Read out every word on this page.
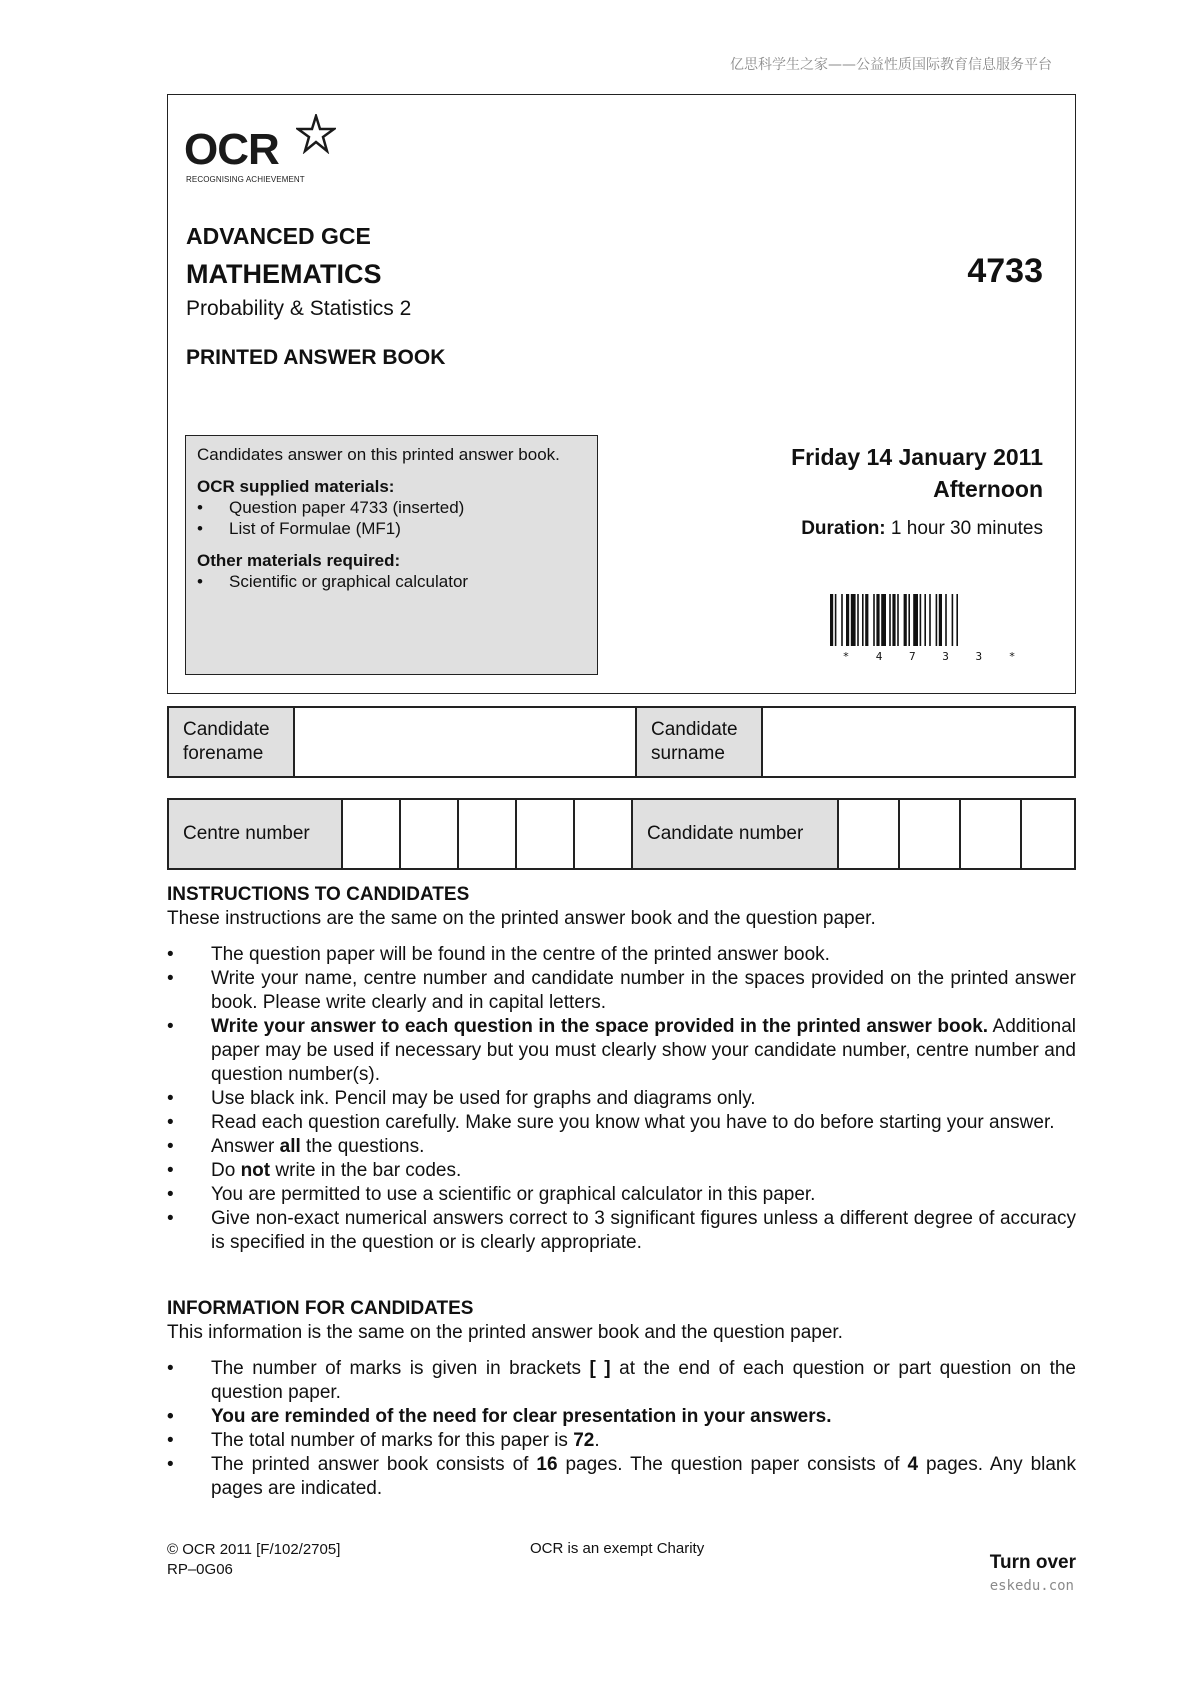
亿思科学生之家——公益性质国际教育信息服务平台
OCR
RECOGNISING ACHIEVEMENT
ADVANCED GCE
MATHEMATICS	4733
Probability & Statistics 2
PRINTED ANSWER BOOK
Candidates answer on this printed answer book.
OCR supplied materials:
• Question paper 4733 (inserted)
• List of Formulae (MF1)
Other materials required:
• Scientific or graphical calculator
Friday 14 January 2011
Afternoon
Duration: 1 hour 30 minutes
* 4 7 3 3 *
Candidate
forename
Candidate
surname
Centre number	Candidate number
INSTRUCTIONS TO CANDIDATES
These instructions are the same on the printed answer book and the question paper.
• The question paper will be found in the centre of the printed answer book.
• Write your name, centre number and candidate number in the spaces provided on the printed answer book. Please write clearly and in capital letters.
• Write your answer to each question in the space provided in the printed answer book. Additional paper may be used if necessary but you must clearly show your candidate number, centre number and question number(s).
• Use black ink. Pencil may be used for graphs and diagrams only.
• Read each question carefully. Make sure you know what you have to do before starting your answer.
• Answer all the questions.
• Do not write in the bar codes.
• You are permitted to use a scientific or graphical calculator in this paper.
• Give non-exact numerical answers correct to 3 significant figures unless a different degree of accuracy is specified in the question or is clearly appropriate.
INFORMATION FOR CANDIDATES
This information is the same on the printed answer book and the question paper.
• The number of marks is given in brackets [ ] at the end of each question or part question on the question paper.
• You are reminded of the need for clear presentation in your answers.
• The total number of marks for this paper is 72.
• The printed answer book consists of 16 pages. The question paper consists of 4 pages. Any blank pages are indicated.
© OCR 2011 [F/102/2705]
RP–0G06
OCR is an exempt Charity
Turn over
eskedu.con
